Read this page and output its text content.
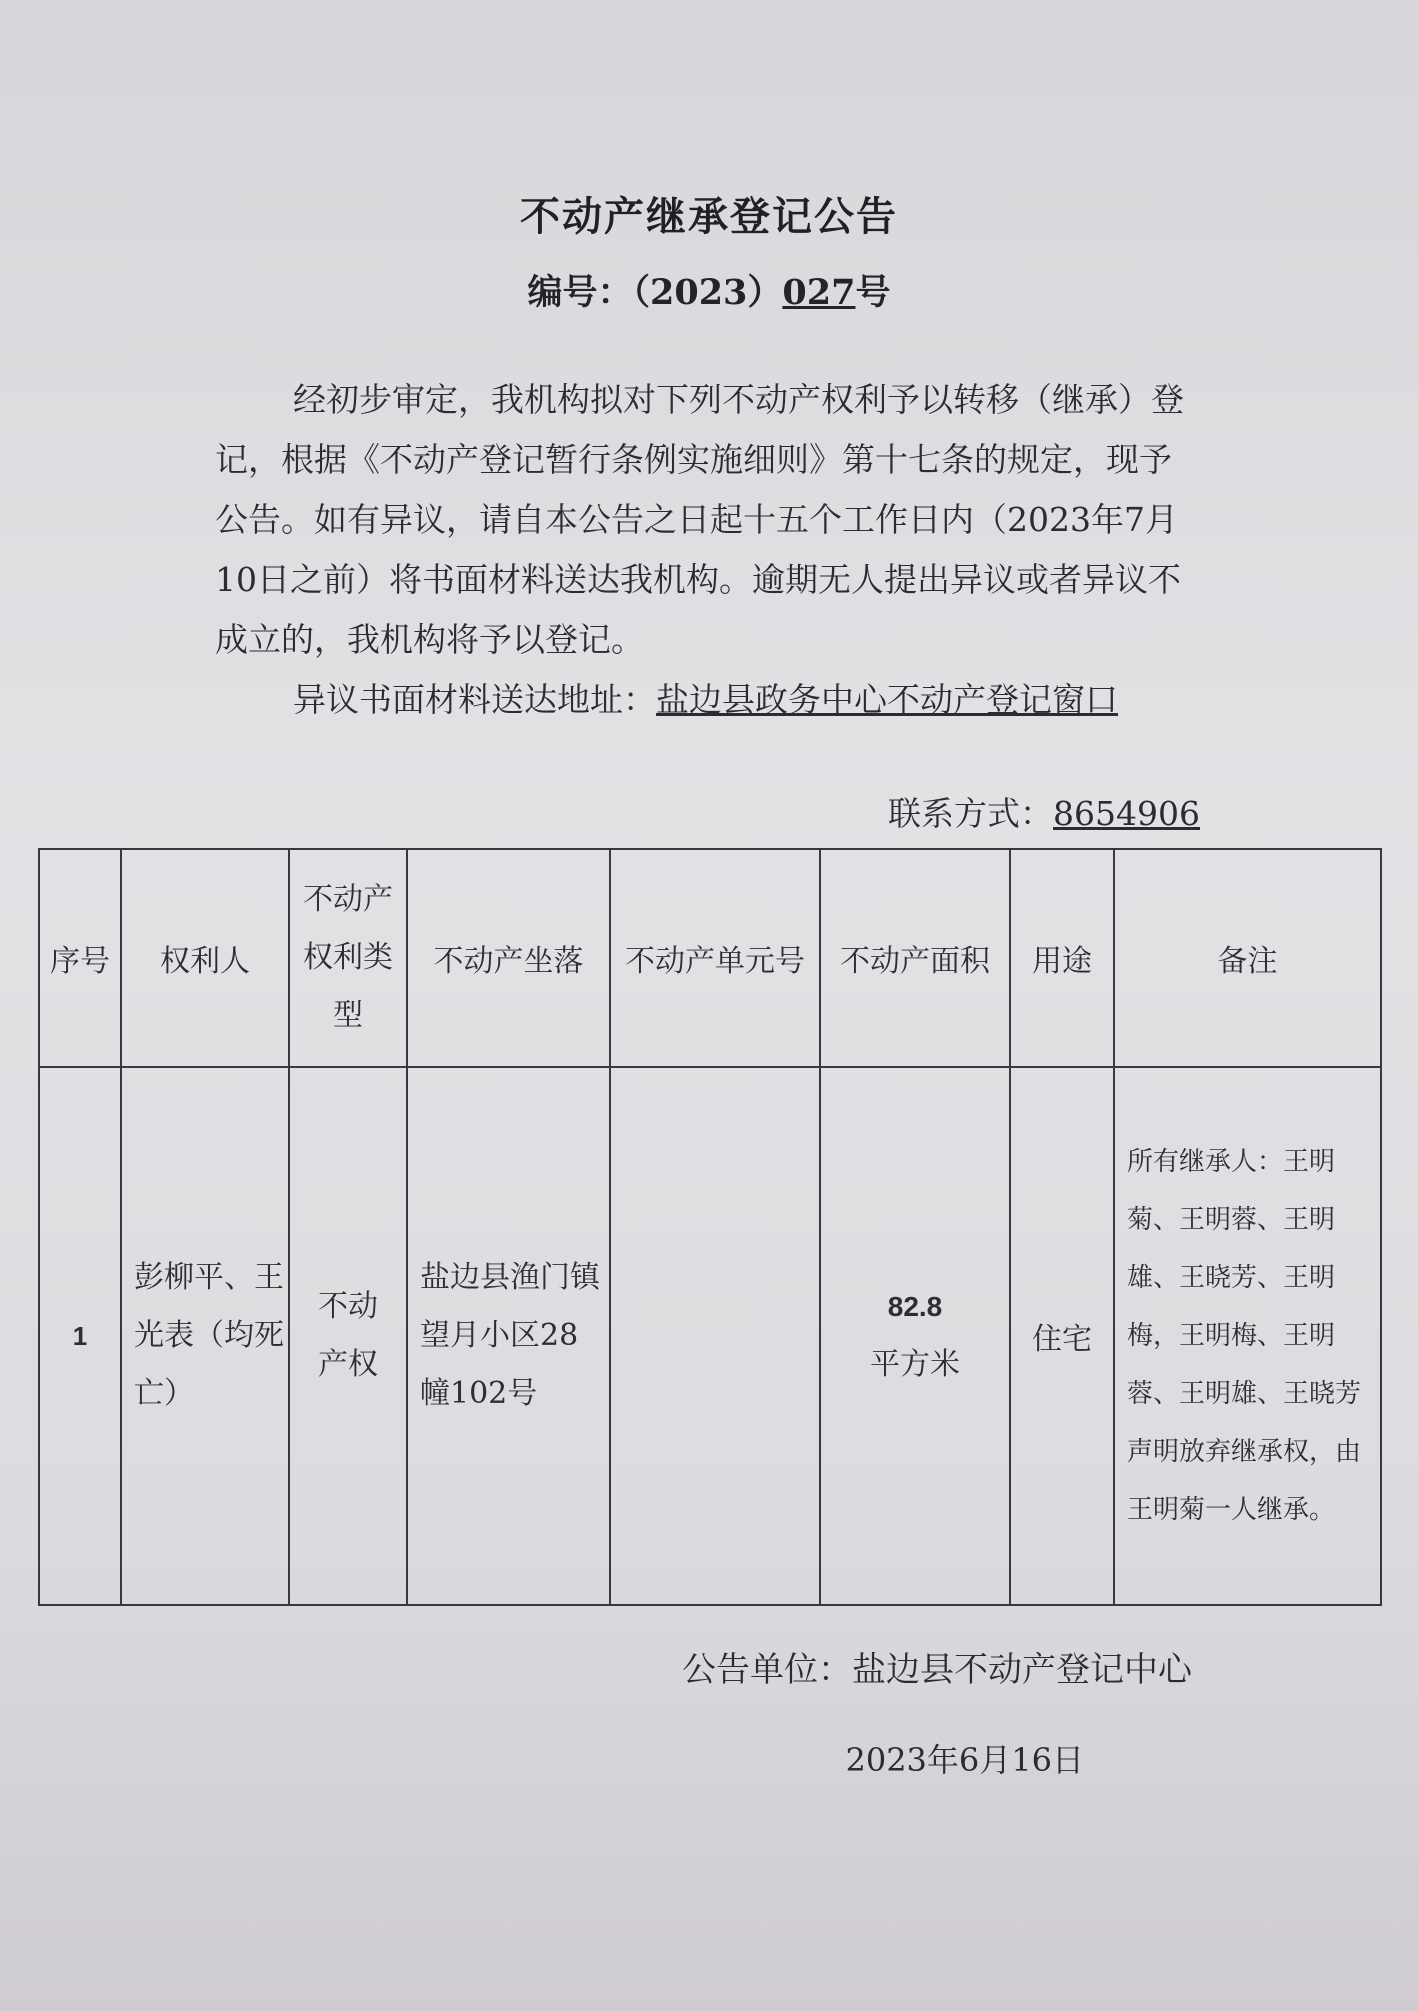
不动产继承登记公告
编号：（2023）027号

经初步审定，我机构拟对下列不动产权利予以转移（继承）登记，根据《不动产登记暂行条例实施细则》第十七条的规定，现予公告。如有异议，请自本公告之日起十五个工作日内（2023年7月10日之前）将书面材料送达我机构。逾期无人提出异议或者异议不成立的，我机构将予以登记。

异议书面材料送达地址：盐边县政务中心不动产登记窗口

联系方式：8654906
序号	权利人	不动产权利类型	不动产坐落	不动产单元号	不动产面积	用途	备注
1	彭柳平、王光表（均死亡）	不动产权	盐边县渔门镇望月小区28幢102号		82.8
平方米	住宅	所有继承人：王明菊、王明蓉、王明雄、王晓芳、王明梅，王明梅、王明蓉、王明雄、王晓芳声明放弃继承权，由王明菊一人继承。
公告单位：盐边县不动产登记中心
2023年6月16日
